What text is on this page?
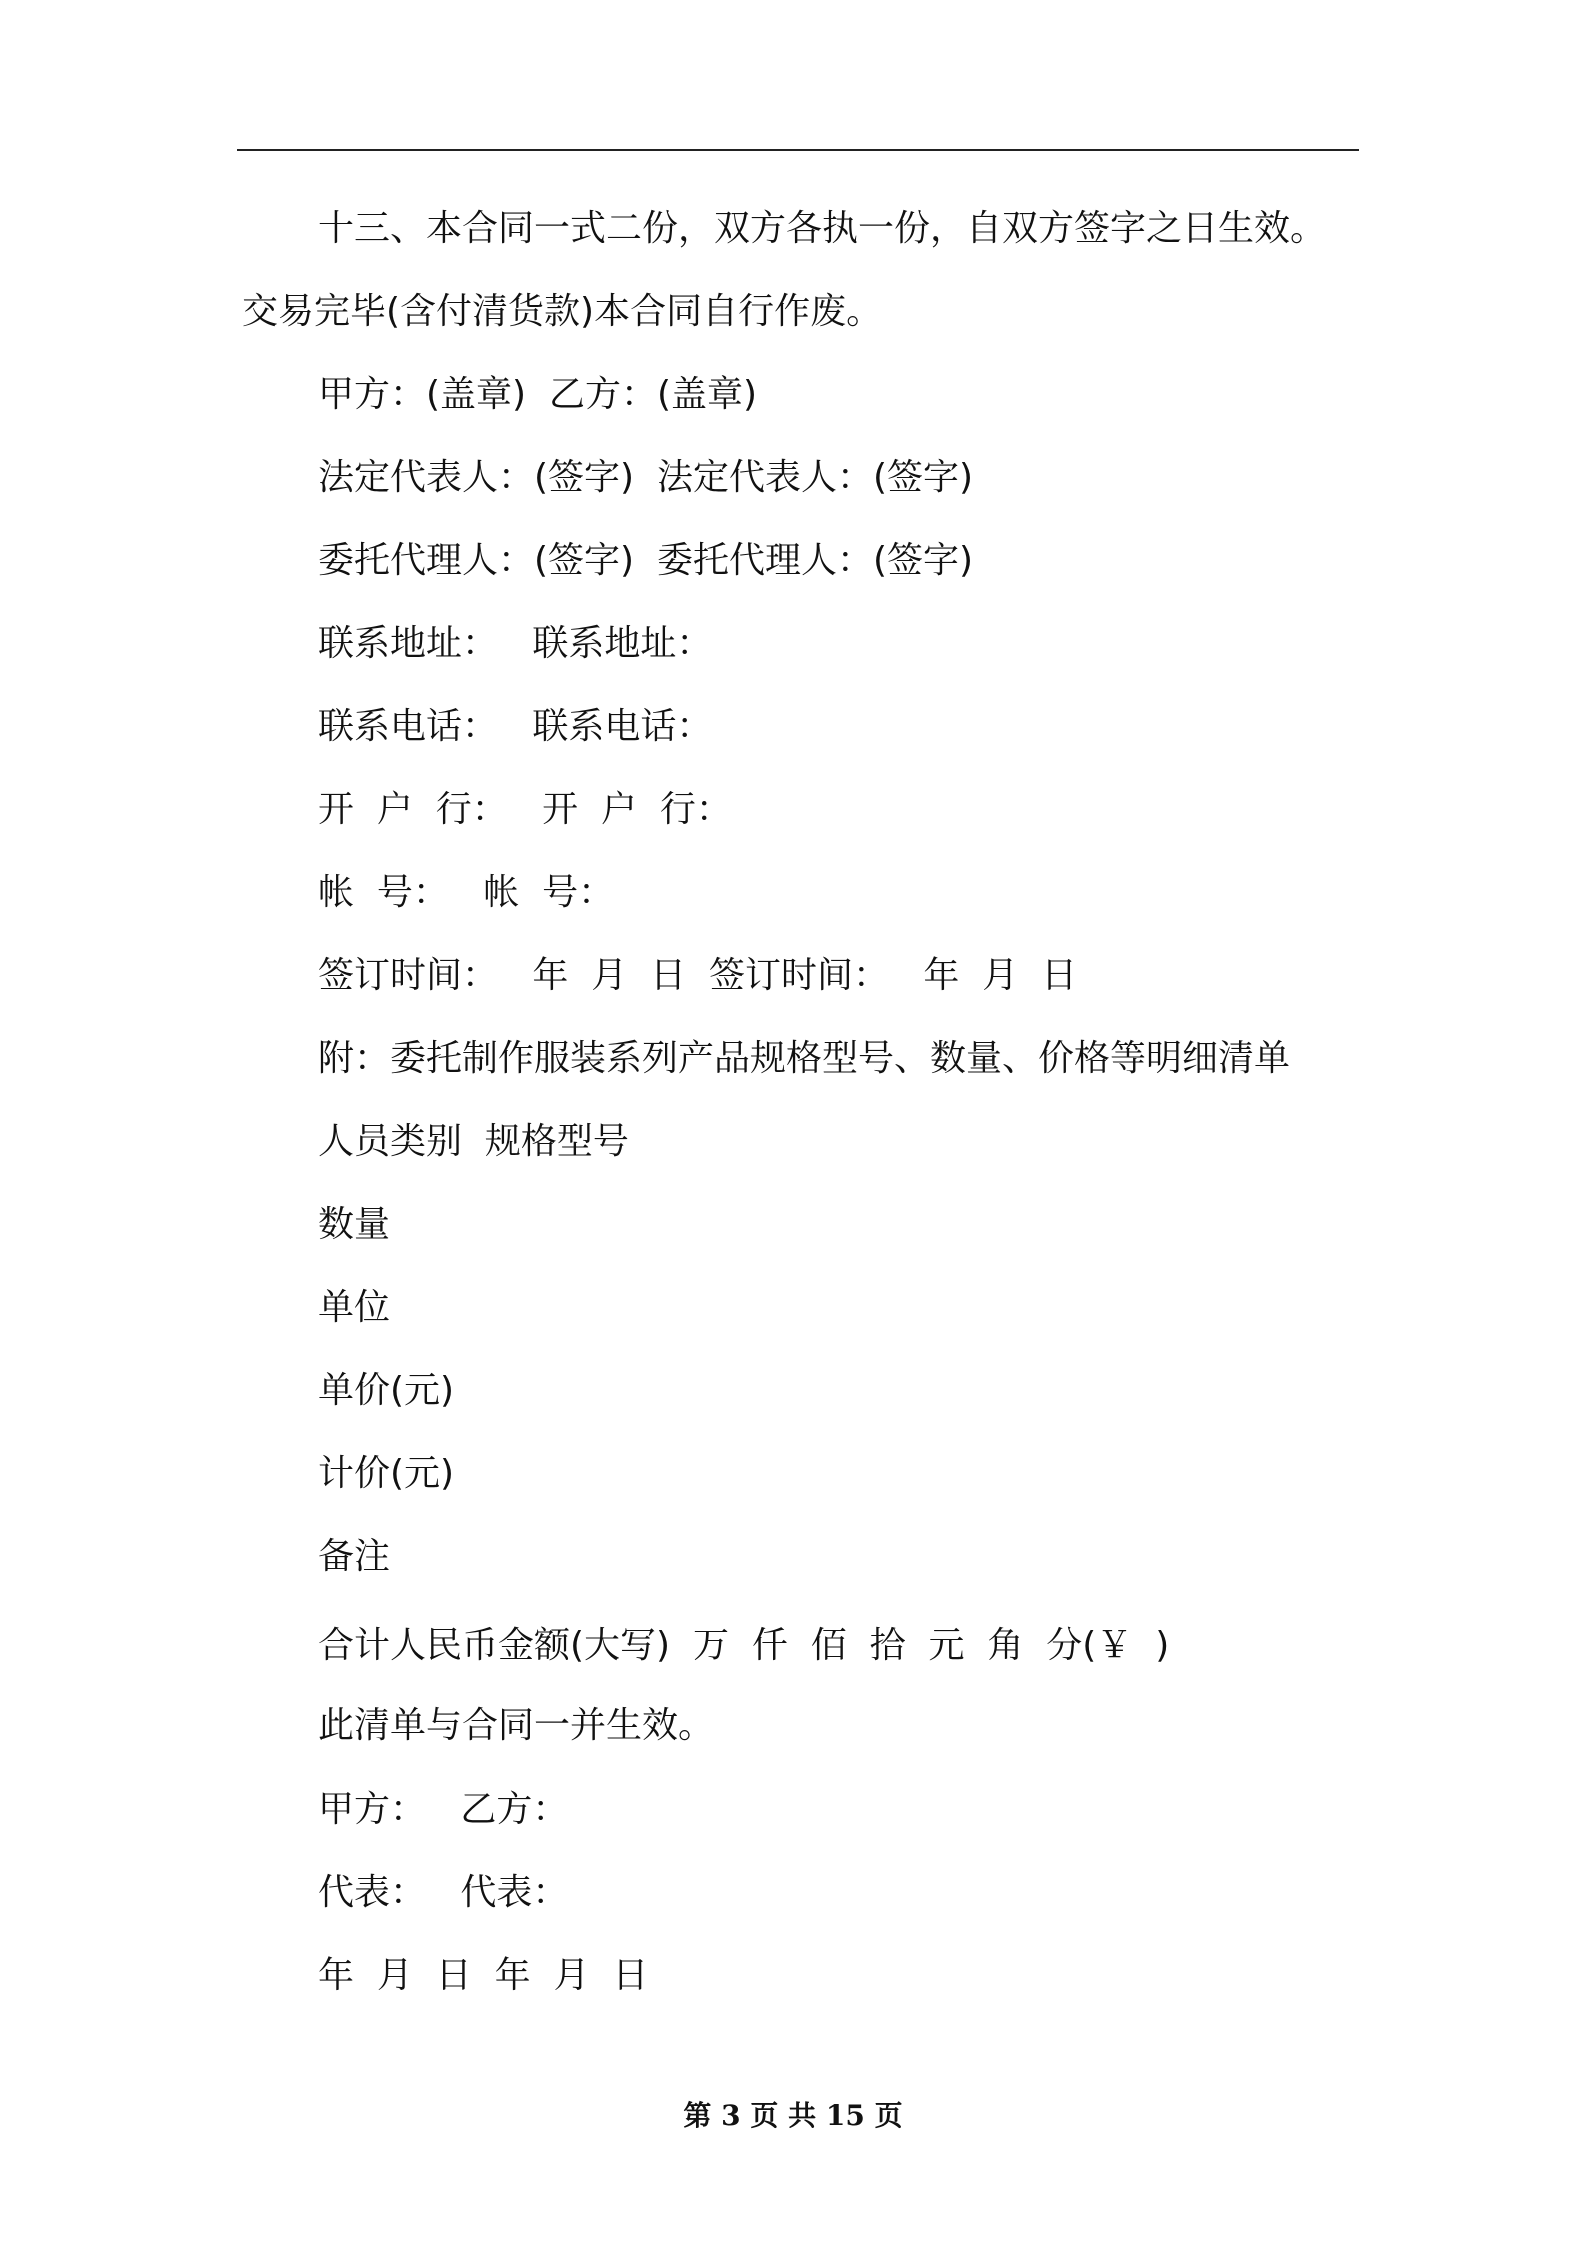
十三、本合同一式二份，双方各执一份，自双方签字之日生效。

交易完毕(含付清货款)本合同自行作废。

甲方：(盖章)  乙方：(盖章)

法定代表人：(签字)  法定代表人：(签字)

委托代理人：(签字)  委托代理人：(签字)

联系地址：   联系地址：

联系电话：   联系电话：

开  户  行：   开  户  行：

帐  号：   帐  号：

签订时间：   年  月  日  签订时间：   年  月  日

附：委托制作服装系列产品规格型号、数量、价格等明细清单

人员类别  规格型号

数量

单位

单价(元)

计价(元)

备注

合计人民币金额(大写)  万  仟  佰  拾  元  角  分(￥  )

此清单与合同一并生效。

甲方：   乙方：

代表：   代表：

年  月  日  年  月  日

第 3 页 共 15 页
